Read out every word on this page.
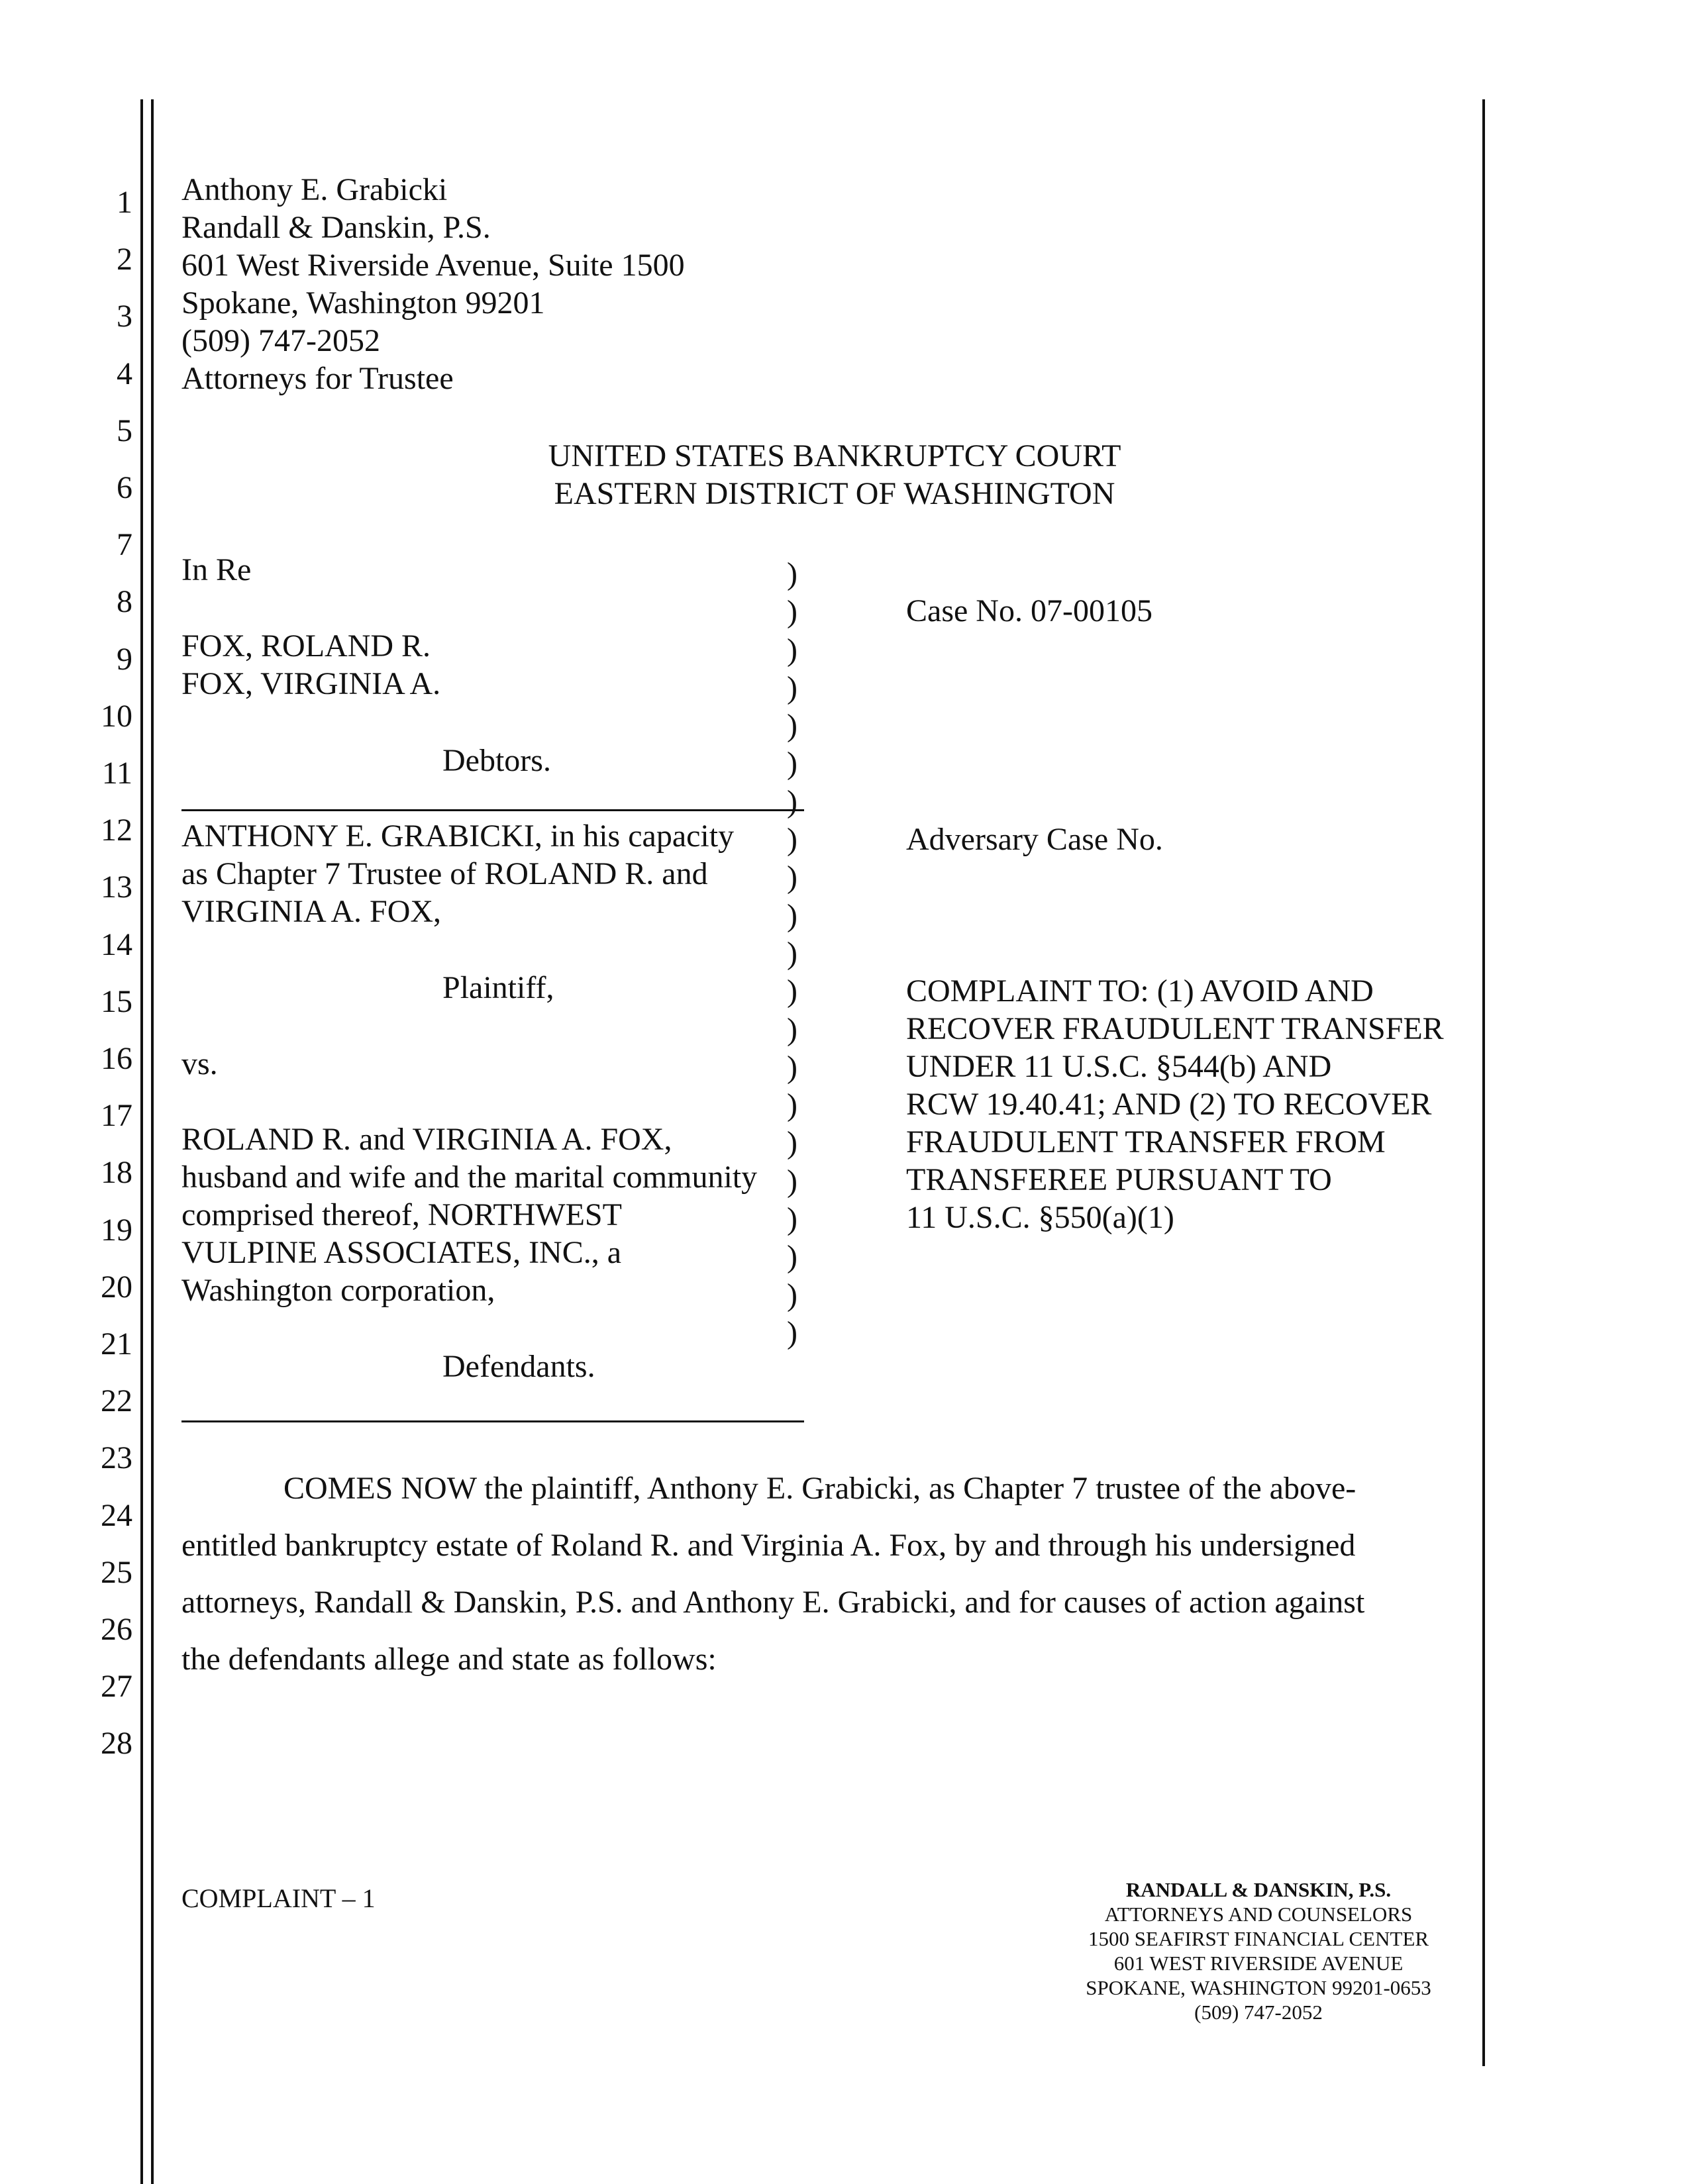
1
2
3
4
5
6
7
8
9
10
11
12
13
14
15
16
17
18
19
20
21
22
23
24
25
26
27
28
Anthony E. Grabicki
Randall & Danskin, P.S.
601 West Riverside Avenue, Suite 1500
Spokane, Washington 99201
(509) 747-2052
Attorneys for Trustee
UNITED STATES BANKRUPTCY COURT
EASTERN DISTRICT OF WASHINGTON
In Re
FOX, ROLAND R.
FOX, VIRGINIA A.
Debtors.
ANTHONY E. GRABICKI, in his capacity
as Chapter 7 Trustee of ROLAND R. and
VIRGINIA A. FOX,
Plaintiff,
vs.
ROLAND R. and VIRGINIA A. FOX,
husband and wife and the marital community
comprised thereof, NORTHWEST
VULPINE ASSOCIATES, INC., a
Washington corporation,
Defendants.
)
)
)
)
)
)
)
)
)
)
)
)
)
)
)
)
)
)
)
)
)
Case No. 07-00105
Adversary Case No.
COMPLAINT TO: (1) AVOID AND
RECOVER FRAUDULENT TRANSFER
UNDER 11 U.S.C. §544(b) AND
RCW 19.40.41; AND (2) TO RECOVER
FRAUDULENT TRANSFER FROM
TRANSFEREE PURSUANT TO
11 U.S.C. §550(a)(1)
COMES NOW the plaintiff, Anthony E. Grabicki, as Chapter 7 trustee of the above-
entitled bankruptcy estate of Roland R. and Virginia A. Fox, by and through his undersigned
attorneys, Randall & Danskin, P.S. and Anthony E. Grabicki, and for causes of action against
the defendants allege and state as follows:
COMPLAINT – 1	RANDALL & DANSKIN, P.S.
ATTORNEYS AND COUNSELORS
1500 SEAFIRST FINANCIAL CENTER
601 WEST RIVERSIDE AVENUE
SPOKANE, WASHINGTON 99201-0653
(509) 747-2052
